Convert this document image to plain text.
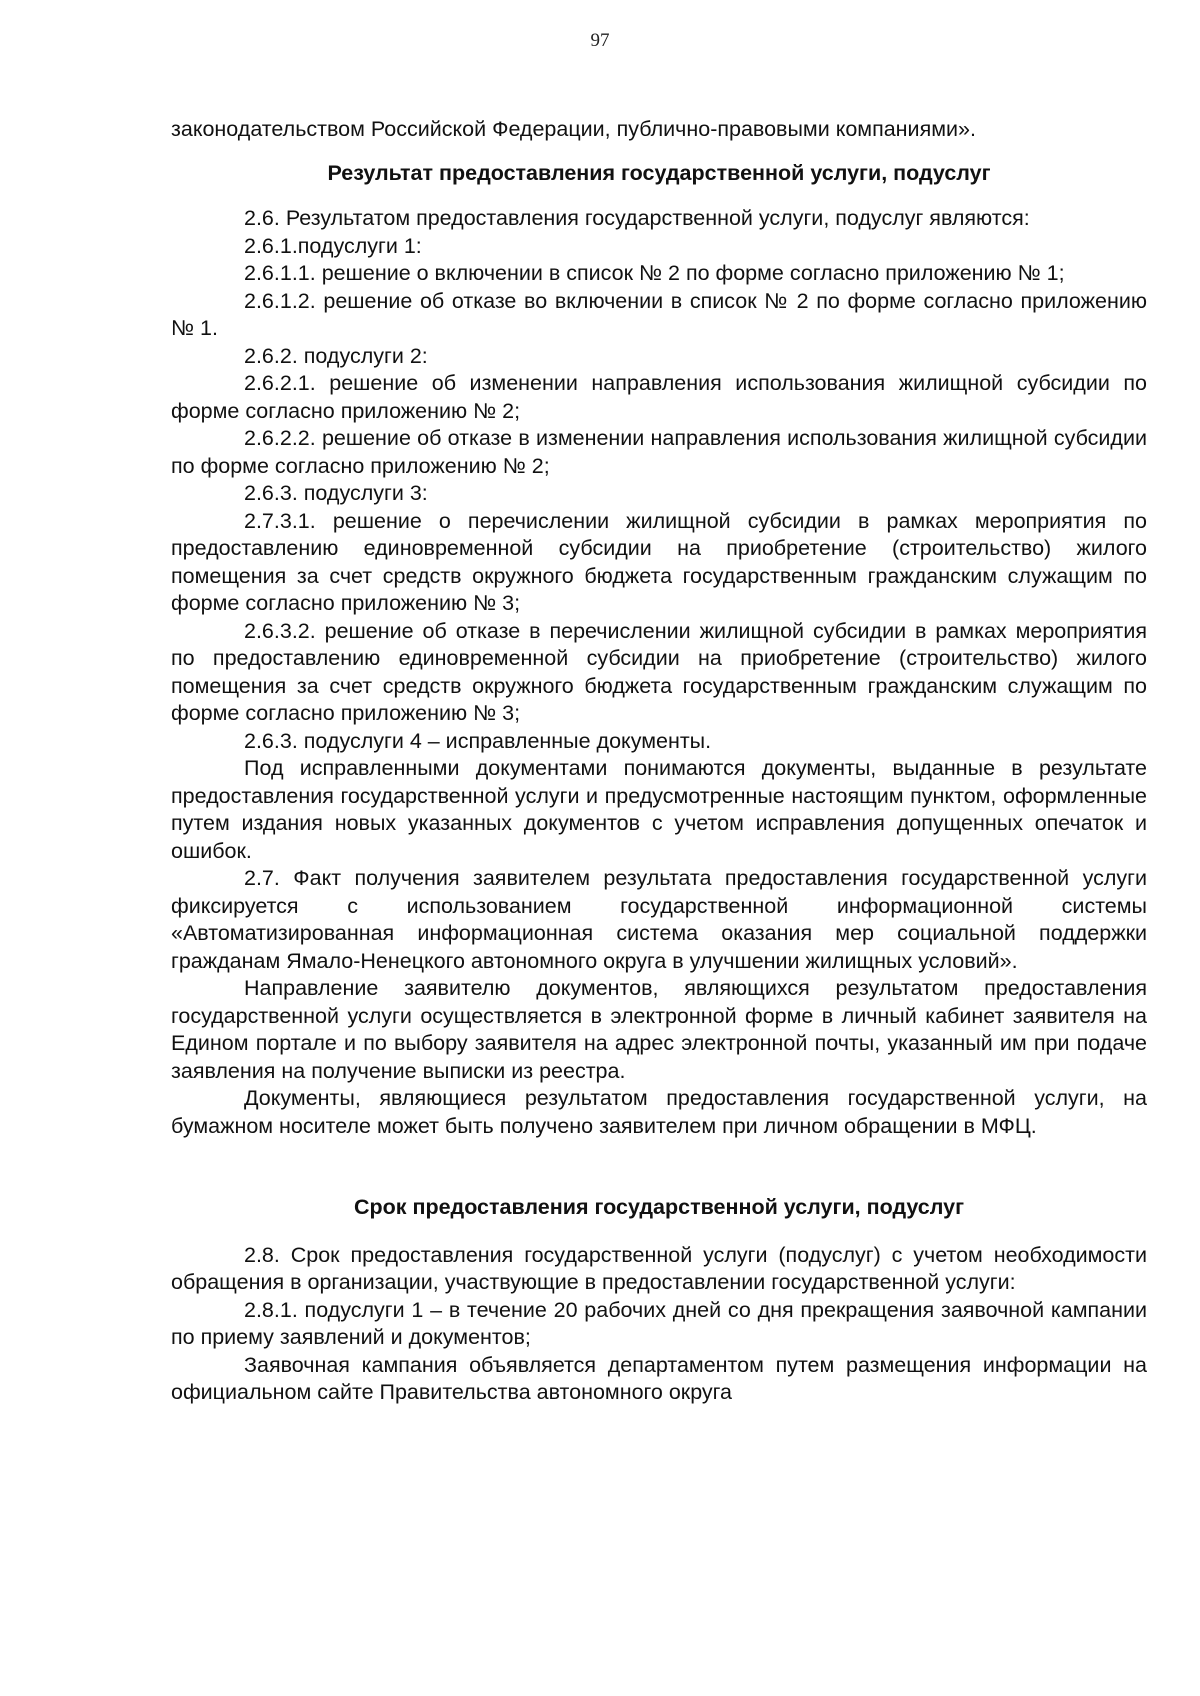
97

законодательством Российской Федерации, публично-правовыми компаниями».

Результат предоставления государственной услуги, подуслуг

2.6. Результатом предоставления государственной услуги, подуслуг являются:

2.6.1.подуслуги 1:

2.6.1.1. решение о включении в список № 2 по форме согласно приложению № 1;

2.6.1.2. решение об отказе во включении в список № 2 по форме согласно приложению № 1.

2.6.2. подуслуги 2:

2.6.2.1. решение об изменении направления использования жилищной субсидии по форме согласно приложению № 2;

2.6.2.2. решение об отказе в изменении направления использования жилищной субсидии по форме согласно приложению № 2;

2.6.3. подуслуги 3:

2.7.3.1. решение о перечислении жилищной субсидии в рамках мероприятия по предоставлению единовременной субсидии на приобретение (строительство) жилого помещения за счет средств окружного бюджета государственным гражданским служащим по форме согласно приложению № 3;

2.6.3.2. решение об отказе в перечислении жилищной субсидии в рамках мероприятия по предоставлению единовременной субсидии на приобретение (строительство) жилого помещения за счет средств окружного бюджета государственным гражданским служащим по форме согласно приложению № 3;

2.6.3. подуслуги 4 – исправленные документы.

Под исправленными документами понимаются документы, выданные в результате предоставления государственной услуги и предусмотренные настоящим пунктом, оформленные путем издания новых указанных документов с учетом исправления допущенных опечаток и ошибок.

2.7. Факт получения заявителем результата предоставления государственной услуги фиксируется с использованием государственной информационной системы «Автоматизированная информационная система оказания мер социальной поддержки гражданам Ямало-Ненецкого автономного округа в улучшении жилищных условий».

Направление заявителю документов, являющихся результатом предоставления государственной услуги осуществляется в электронной форме в личный кабинет заявителя на Едином портале и по выбору заявителя на адрес электронной почты, указанный им при подаче заявления на получение выписки из реестра.

Документы, являющиеся результатом предоставления государственной услуги, на бумажном носителе может быть получено заявителем при личном обращении в МФЦ.

Срок предоставления государственной услуги, подуслуг

2.8. Срок предоставления государственной услуги (подуслуг) с учетом необходимости обращения в организации, участвующие в предоставлении государственной услуги:

2.8.1. подуслуги 1 – в течение 20 рабочих дней со дня прекращения заявочной кампании по приему заявлений и документов;

Заявочная кампания объявляется департаментом путем размещения информации на официальном сайте Правительства автономного округа
